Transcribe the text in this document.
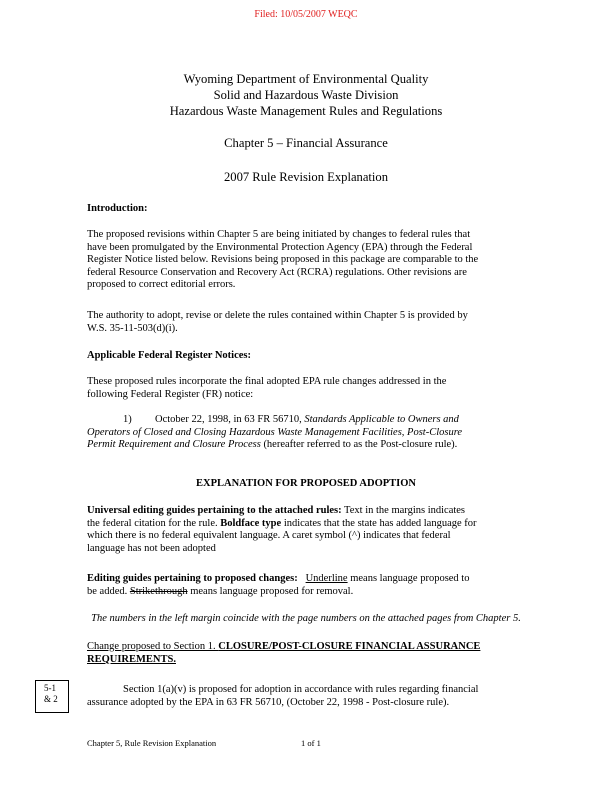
Filed: 10/05/2007 WEQC
Wyoming Department of Environmental Quality
Solid and Hazardous Waste Division
Hazardous Waste Management Rules and Regulations
Chapter 5 – Financial Assurance
2007 Rule Revision Explanation
Introduction:
The proposed revisions within Chapter 5 are being initiated by changes to federal rules that
have been promulgated by the Environmental Protection Agency (EPA) through the Federal
Register Notice listed below. Revisions being proposed in this package are comparable to the
federal Resource Conservation and Recovery Act (RCRA) regulations. Other revisions are
proposed to correct editorial errors.
The authority to adopt, revise or delete the rules contained within Chapter 5 is provided by
W.S. 35-11-503(d)(i).
Applicable Federal Register Notices:
These proposed rules incorporate the final adopted EPA rule changes addressed in the
following Federal Register (FR) notice:
1) October 22, 1998, in 63 FR 56710, Standards Applicable to Owners and
Operators of Closed and Closing Hazardous Waste Management Facilities, Post-Closure
Permit Requirement and Closure Process (hereafter referred to as the Post-closure rule).
EXPLANATION FOR PROPOSED ADOPTION
Universal editing guides pertaining to the attached rules: Text in the margins indicates
the federal citation for the rule. Boldface type indicates that the state has added language for
which there is no federal equivalent language. A caret symbol (^) indicates that federal
language has not been adopted
Editing guides pertaining to proposed changes: Underline means language proposed to
be added. Strikethrough means language proposed for removal.
The numbers in the left margin coincide with the page numbers on the attached pages from Chapter 5.
Change proposed to Section 1. CLOSURE/POST-CLOSURE FINANCIAL ASSURANCE
REQUIREMENTS.
5-1
& 2
Section 1(a)(v) is proposed for adoption in accordance with rules regarding financial
assurance adopted by the EPA in 63 FR 56710, (October 22, 1998 - Post-closure rule).
Chapter 5, Rule Revision Explanation	1 of 1
